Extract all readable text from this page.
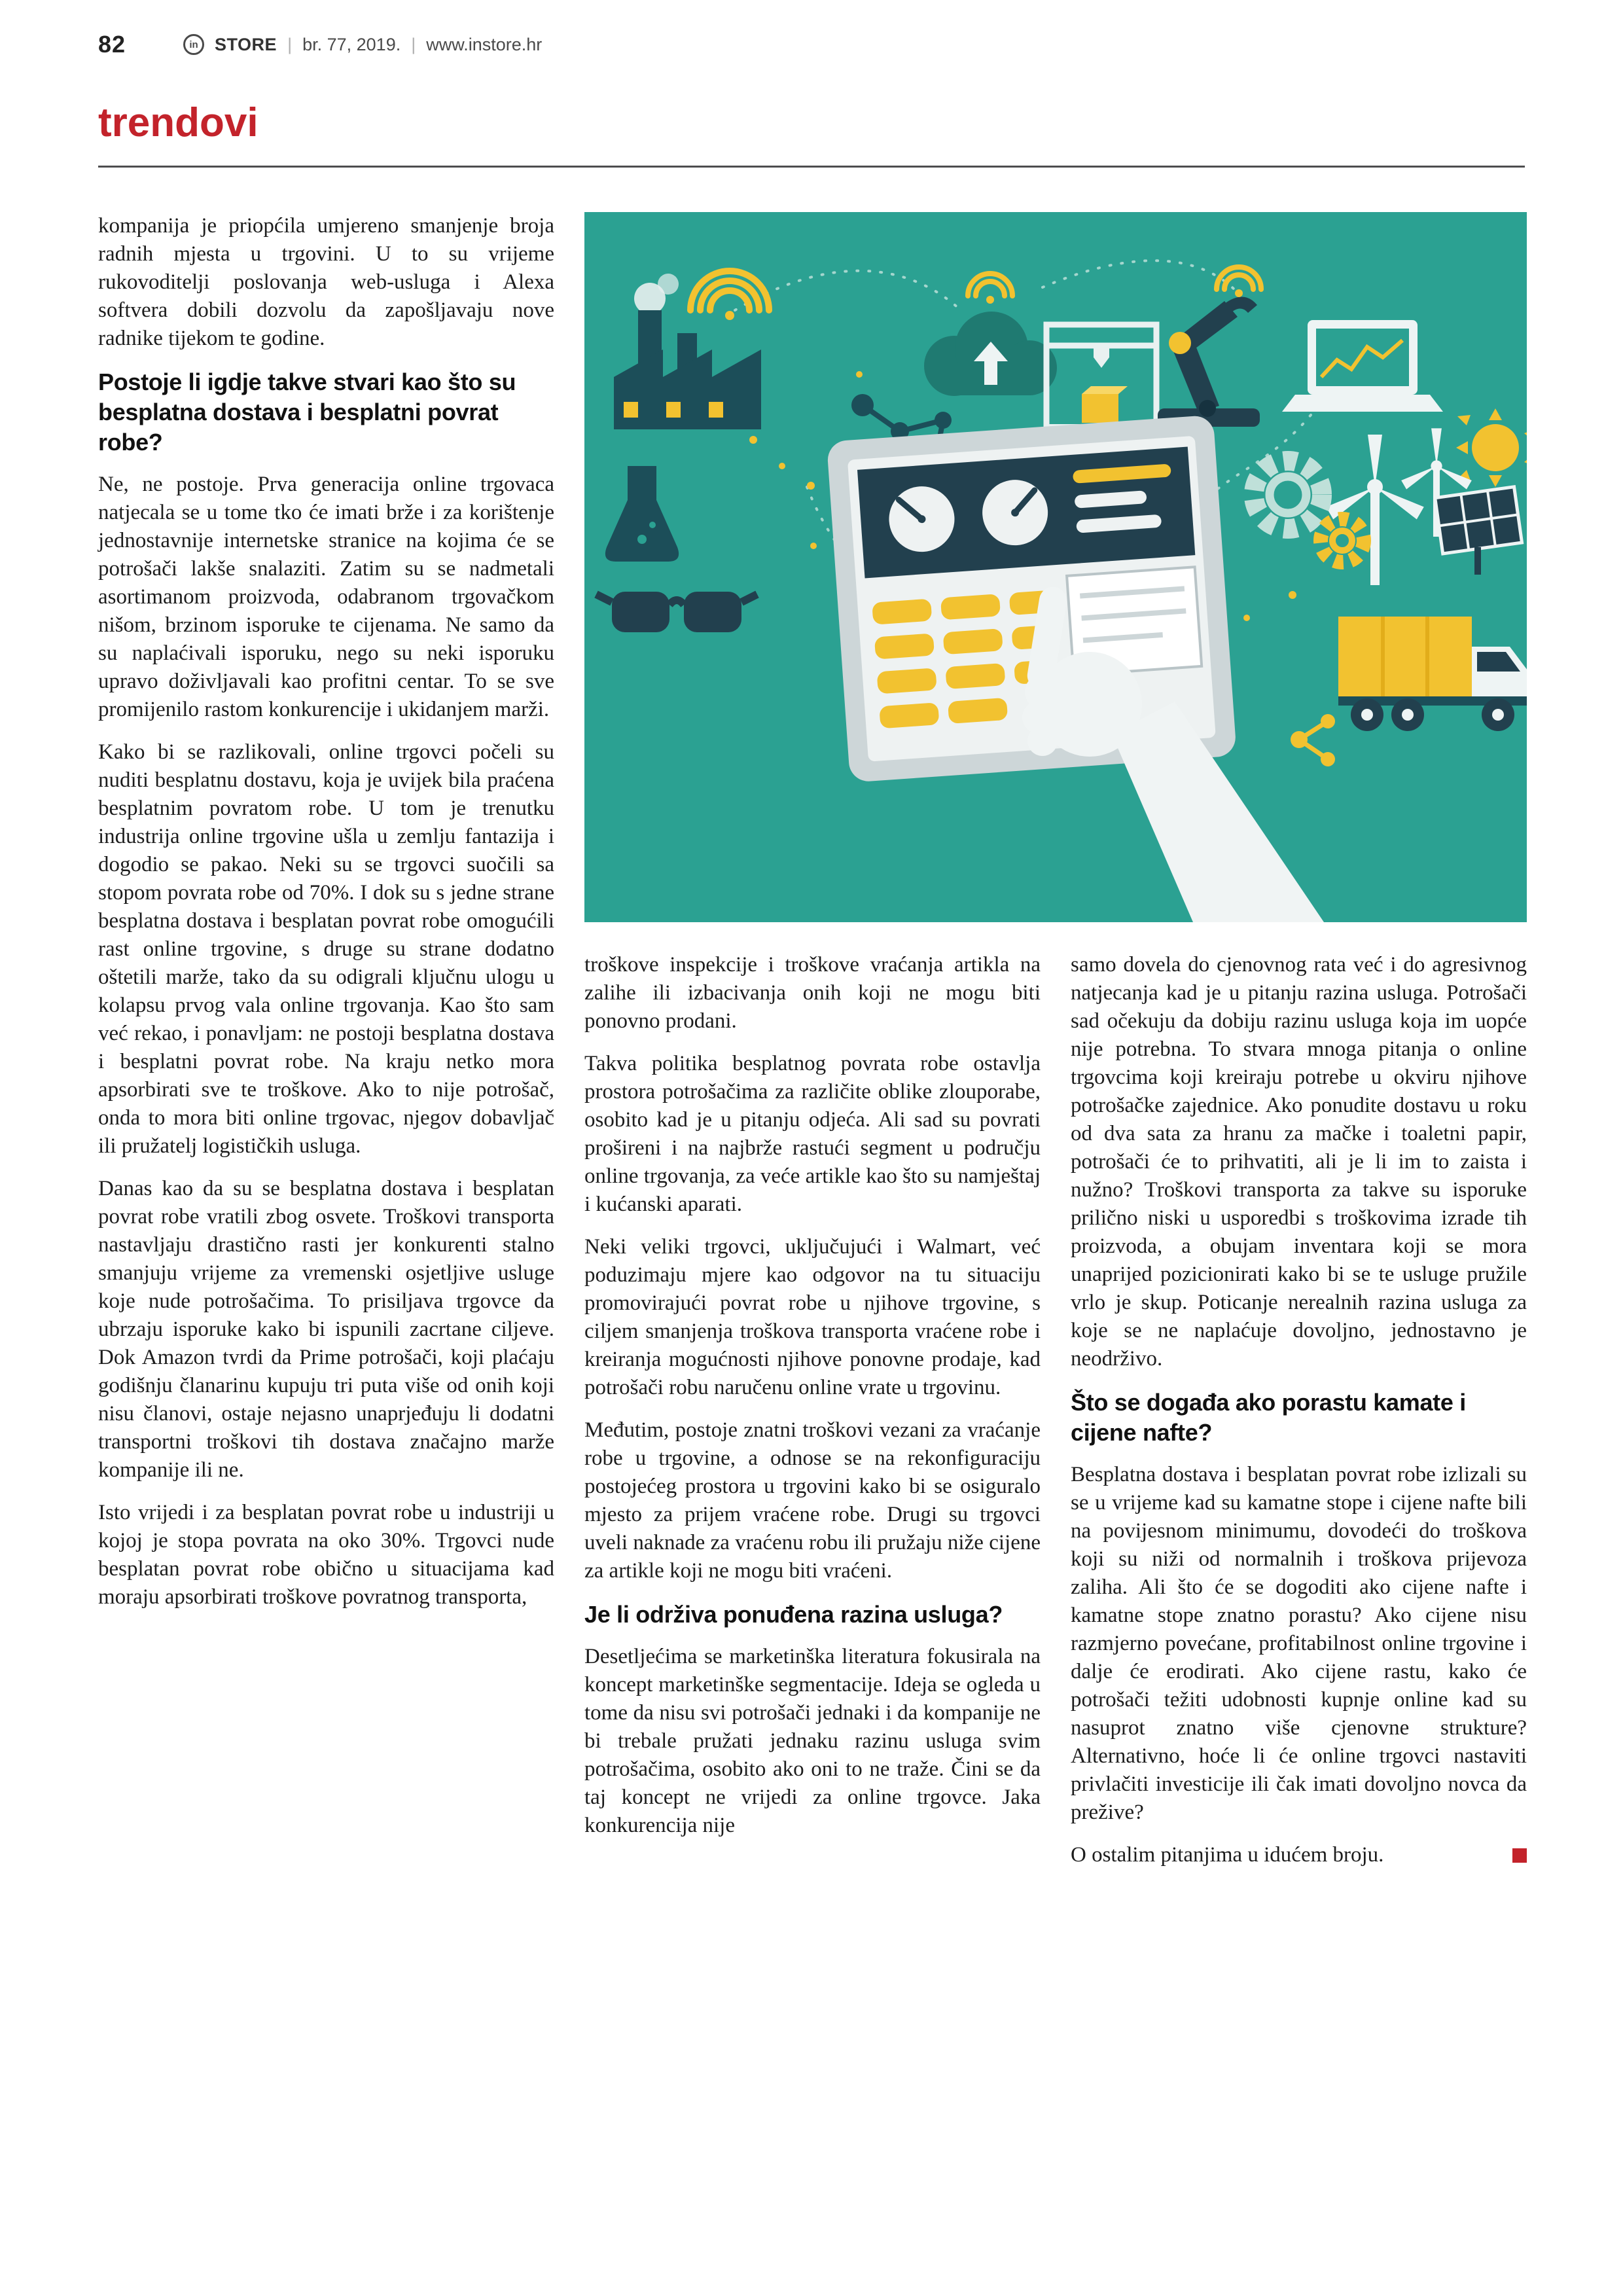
82	in STORE | br. 77, 2019. | www.instore.hr
trendovi

kompanija je priopćila umjereno smanjenje broja radnih mjesta u trgovini. U to su vrijeme rukovoditelji poslovanja web-usluga i Alexa softvera dobili dozvolu da zapošljavaju nove radnike tijekom te godine.

Postoje li igdje takve stvari kao što su besplatna dostava i besplatni povrat robe?

Ne, ne postoje. Prva generacija online trgovaca natjecala se u tome tko će imati brže i za korištenje jednostavnije internetske stranice na kojima će se potrošači lakše snalaziti. Zatim su se nadmetali asortimanom proizvoda, odabranom trgovačkom nišom, brzinom isporuke te cijenama. Ne samo da su naplaćivali isporuku, nego su neki isporuku upravo doživljavali kao profitni centar. To se sve promijenilo rastom konkurencije i ukidanjem marži.

Kako bi se razlikovali, online trgovci počeli su nuditi besplatnu dostavu, koja je uvijek bila praćena besplatnim povratom robe. U tom je trenutku industrija online trgovine ušla u zemlju fantazija i dogodio se pakao. Neki su se trgovci suočili sa stopom povrata robe od 70%. I dok su s jedne strane besplatna dostava i besplatan povrat robe omogućili rast online trgovine, s druge su strane dodatno oštetili marže, tako da su odigrali ključnu ulogu u kolapsu prvog vala online trgovanja. Kao što sam već rekao, i ponavljam: ne postoji besplatna dostava i besplatni povrat robe. Na kraju netko mora apsorbirati sve te troškove. Ako to nije potrošač, onda to mora biti online trgovac, njegov dobavljač ili pružatelj logističkih usluga.

Danas kao da su se besplatna dostava i besplatan povrat robe vratili zbog osvete. Troškovi transporta nastavljaju drastično rasti jer konkurenti stalno smanjuju vrijeme za vremenski osjetljive usluge koje nude potrošačima. To prisiljava trgovce da ubrzaju isporuke kako bi ispunili zacrtane ciljeve. Dok Amazon tvrdi da Prime potrošači, koji plaćaju godišnju članarinu kupuju tri puta više od onih koji nisu članovi, ostaje nejasno unaprjeđuju li dodatni transportni troškovi tih dostava značajno marže kompanije ili ne.

Isto vrijedi i za besplatan povrat robe u industriji u kojoj je stopa povrata na oko 30%. Trgovci nude besplatan povrat robe obično u situacijama kad moraju apsorbirati troškove povratnog transporta,

troškove inspekcije i troškove vraćanja artikla na zalihe ili izbacivanja onih koji ne mogu biti ponovno prodani.

Takva politika besplatnog povrata robe ostavlja prostora potrošačima za različite oblike zlouporabe, osobito kad je u pitanju odjeća. Ali sad su povrati prošireni i na najbrže rastući segment u području online trgovanja, za veće artikle kao što su namještaj i kućanski aparati.

Neki veliki trgovci, uključujući i Walmart, već poduzimaju mjere kao odgovor na tu situaciju promovirajući povrat robe u njihove trgovine, s ciljem smanjenja troškova transporta vraćene robe i kreiranja mogućnosti njihove ponovne prodaje, kad potrošači robu naručenu online vrate u trgovinu.

Međutim, postoje znatni troškovi vezani za vraćanje robe u trgovine, a odnose se na rekonfiguraciju postojećeg prostora u trgovini kako bi se osiguralo mjesto za prijem vraćene robe. Drugi su trgovci uveli naknade za vraćenu robu ili pružaju niže cijene za artikle koji ne mogu biti vraćeni.

Je li održiva ponuđena razina usluga?

Desetljećima se marketinška literatura fokusirala na koncept marketinške segmentacije. Ideja se ogleda u tome da nisu svi potrošači jednaki i da kompanije ne bi trebale pružati jednaku razinu usluga svim potrošačima, osobito ako oni to ne traže. Čini se da taj koncept ne vrijedi za online trgovce. Jaka konkurencija nije

samo dovela do cjenovnog rata već i do agresivnog natjecanja kad je u pitanju razina usluga. Potrošači sad očekuju da dobiju razinu usluga koja im uopće nije potrebna. To stvara mnoga pitanja o online trgovcima koji kreiraju potrebe u okviru njihove potrošačke zajednice. Ako ponudite dostavu u roku od dva sata za hranu za mačke i toaletni papir, potrošači će to prihvatiti, ali je li im to zaista i nužno? Troškovi transporta za takve su isporuke prilično niski u usporedbi s troškovima izrade tih proizvoda, a obujam inventara koji se mora unaprijed pozicionirati kako bi se te usluge pružile vrlo je skup. Poticanje nerealnih razina usluga za koje se ne naplaćuje dovoljno, jednostavno je neodrživo.

Što se događa ako porastu kamate i cijene nafte?

Besplatna dostava i besplatan povrat robe izlizali su se u vrijeme kad su kamatne stope i cijene nafte bili na povijesnom minimumu, dovodeći do troškova koji su niži od normalnih i troškova prijevoza zaliha. Ali što će se dogoditi ako cijene nafte i kamatne stope znatno porastu? Ako cijene nisu razmjerno povećane, profitabilnost online trgovine i dalje će erodirati. Ako cijene rastu, kako će potrošači težiti udobnosti kupnje online kad su nasuprot znatno više cjenovne strukture? Alternativno, hoće li će online trgovci nastaviti privlačiti investicije ili čak imati dovoljno novca da prežive?

O ostalim pitanjima u idućem broju.
